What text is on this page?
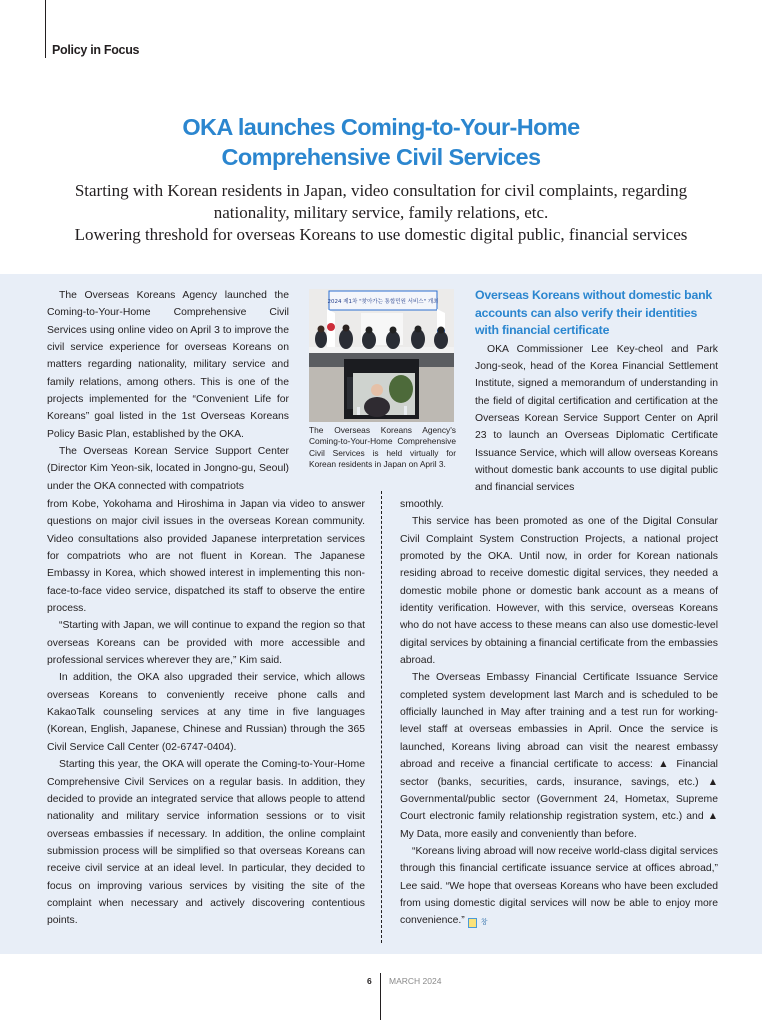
Policy in Focus
OKA launches Coming-to-Your-Home
Comprehensive Civil Services
Starting with Korean residents in Japan, video consultation for civil complaints, regarding
nationality, military service, family relations, etc.
Lowering threshold for overseas Koreans to use domestic digital public, financial services

The Overseas Koreans Agency launched the Coming-to-Your-Home Comprehensive Civil Services using online video on April 3 to improve the civil service experience for overseas Koreans on matters regarding nationality, military service and family relations, among others. This is one of the projects implemented for the “Convenient Life for Koreans” goal listed in the 1st Overseas Koreans Policy Basic Plan, established by the OKA.

The Overseas Korean Service Support Center (Director Kim Yeon-sik, located in Jongno-gu, Seoul) under the OKA connected with compatriots

2024 제1차 "찾아가는 통합민원 서비스" 개최
The Overseas Koreans Agency's Coming-to-Your-Home Comprehensive Civil Services is held virtually for Korean residents in Japan on April 3.
Overseas Koreans without domestic bank accounts can also verify their identities with financial certificate

OKA Commissioner Lee Key-cheol and Park Jong-seok, head of the Korea Financial Settlement Institute, signed a memorandum of understanding in the field of digital certification and certification at the Overseas Korean Service Support Center on April 23 to launch an Overseas Diplomatic Certificate Issuance Service, which will allow overseas Koreans without domestic bank accounts to use digital public and financial services

from Kobe, Yokohama and Hiroshima in Japan via video to answer questions on major civil issues in the overseas Korean community. Video consultations also provided Japanese interpretation services for compatriots who are not fluent in Korean. The Japanese Embassy in Korea, which showed interest in implementing this non-face-to-face video service, dispatched its staff to observe the entire process.

“Starting with Japan, we will continue to expand the region so that overseas Koreans can be provided with more accessible and professional services wherever they are,” Kim said.

In addition, the OKA also upgraded their service, which allows overseas Koreans to conveniently receive phone calls and KakaoTalk counseling services at any time in five languages (Korean, English, Japanese, Chinese and Russian) through the 365 Civil Service Call Center (02-6747-0404).

Starting this year, the OKA will operate the Coming-to-Your-Home Comprehensive Civil Services on a regular basis. In addition, they decided to provide an integrated service that allows people to attend nationality and military service information sessions or to visit overseas embassies if necessary. In addition, the online complaint submission process will be simplified so that overseas Koreans can receive civil service at an ideal level. In particular, they decided to focus on improving various services by visiting the site of the complaint when necessary and actively discovering contentious points.

smoothly.

This service has been promoted as one of the Digital Consular Civil Complaint System Construction Projects, a national project promoted by the OKA. Until now, in order for Korean nationals residing abroad to receive domestic digital services, they needed a domestic mobile phone or domestic bank account as a means of identity verification. However, with this service, overseas Koreans who do not have access to these means can also use domestic-level digital services by obtaining a financial certificate from the embassies abroad.

The Overseas Embassy Financial Certificate Issuance Service completed system development last March and is scheduled to be officially launched in May after training and a test run for working-level staff at overseas embassies in April. Once the service is launched, Koreans living abroad can visit the nearest embassy abroad and receive a financial certificate to access: ▲ Financial sector (banks, securities, cards, insurance, savings, etc.) ▲ Governmental/public sector (Government 24, Hometax, Supreme Court electronic family relationship registration system, etc.) and ▲ My Data, more easily and conveniently than before.

“Koreans living abroad will now receive world-class digital services through this financial certificate issuance service at offices abroad,” Lee said. “We hope that overseas Koreans who have been excluded from using domestic digital services will now be able to enjoy more convenience.” 창

6 MARCH 2024
